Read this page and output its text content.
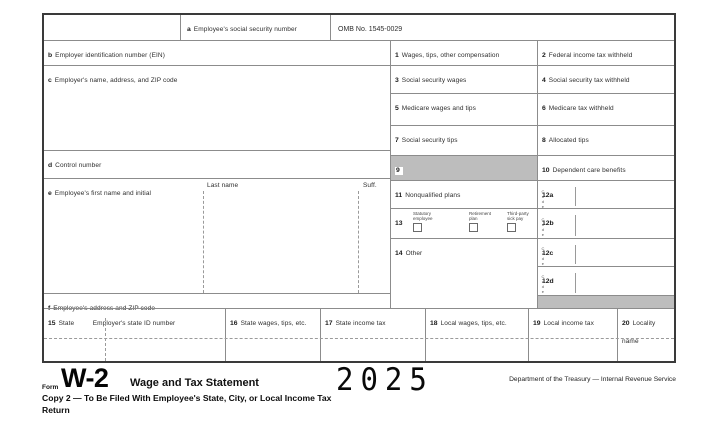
a Employee's social security number	OMB No. 1545-0029
b Employer identification number (EIN)	1 Wages, tips, other compensation	2 Federal income tax withheld
c Employer's name, address, and ZIP code	3 Social security wages	4 Social security tax withheld
5 Medicare wages and tips	6 Medicare tax withheld
7 Social security tips	8 Allocated tips
d Control number
9	10 Dependent care benefits
e Employee's first name and initial
Last name	Suff.
11 Nonqualified plans
13
Statutory
employee
Retirement
plan
Third-party
sick pay
14 Other
12a
12b
12c
12d
Code
Code
Code
Code
f Employee's address and ZIP code
15 State	Employer's state ID number	16 State wages, tips, etc.	17 State income tax	18 Local wages, tips, etc.	19 Local income tax	20 Locality name
Form W-2 Wage and Tax Statement	2025	Department of the Treasury — Internal Revenue Service
Copy 2 — To Be Filed With Employee's State, City, or Local Income Tax Return
